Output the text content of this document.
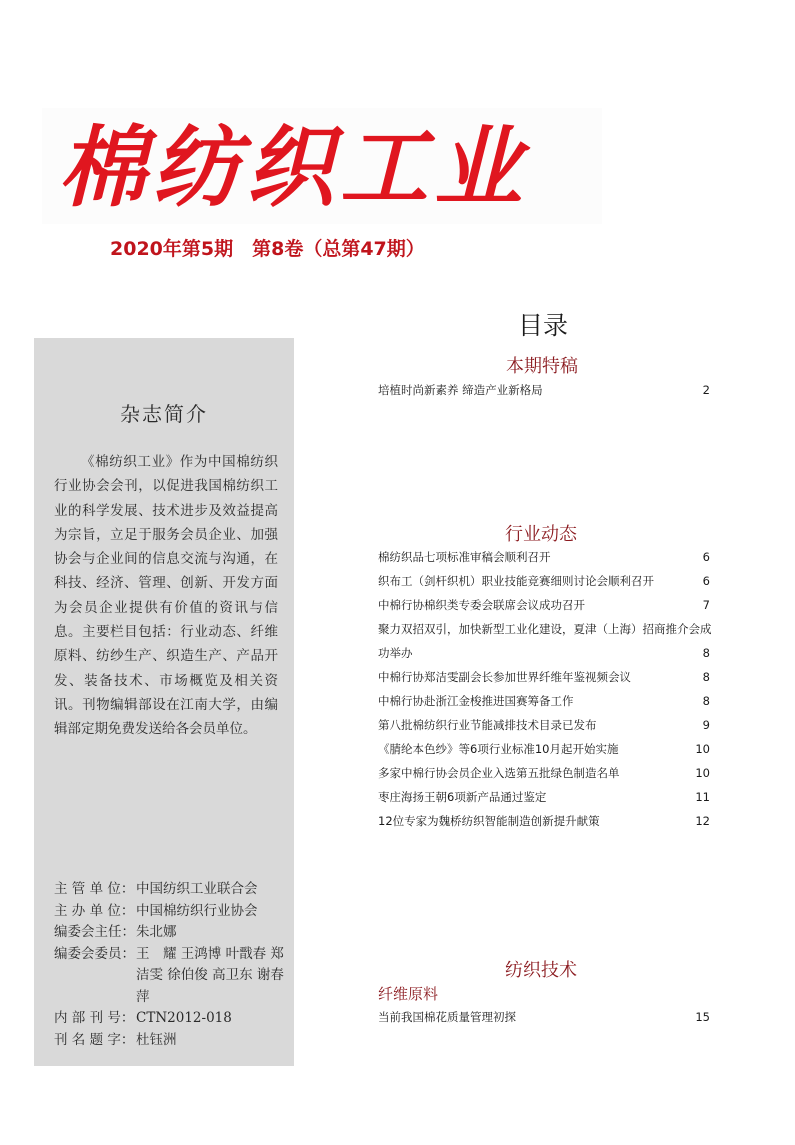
棉纺织工业
2020年第5期　第8卷（总第47期）
杂志简介
《棉纺织工业》作为中国棉纺织行业协会会刊，以促进我国棉纺织工业的科学发展、技术进步及效益提高为宗旨，立足于服务会员企业、加强协会与企业间的信息交流与沟通，在科技、经济、管理、创新、开发方面为会员企业提供有价值的资讯与信息。主要栏目包括：行业动态、纤维原料、纺纱生产、织造生产、产品开发、装备技术、市场概览及相关资讯。刊物编辑部设在江南大学，由编辑部定期免费发送给各会员单位。
主 管 单 位： 中国纺织工业联合会
主 办 单 位： 中国棉纺织行业协会
编委会主任： 朱北娜
编委会委员： 王　耀 王鸿博 叶戬春 郑洁雯 徐伯俊 高卫东 谢春萍
内 部 刊 号： CTN2012-018
刊 名 题 字： 杜钰洲
目录
本期特稿
培植时尚新素养 缔造产业新格局	2
行业动态
棉纺织品七项标准审稿会顺利召开	6
织布工（剑杆织机）职业技能竞赛细则讨论会顺利召开	6
中棉行协棉织类专委会联席会议成功召开	7
聚力双招双引，加快新型工业化建设，夏津（上海）招商推介会成功举办	8
中棉行协郑洁雯副会长参加世界纤维年鉴视频会议	8
中棉行协赴浙江金梭推进国赛筹备工作	8
第八批棉纺织行业节能减排技术目录已发布	9
《腈纶本色纱》等6项行业标准10月起开始实施	10
多家中棉行协会员企业入选第五批绿色制造名单	10
枣庄海扬王朝6项新产品通过鉴定	11
12位专家为魏桥纺织智能制造创新提升献策	12
纺织技术
纤维原料
当前我国棉花质量管理初探	15
